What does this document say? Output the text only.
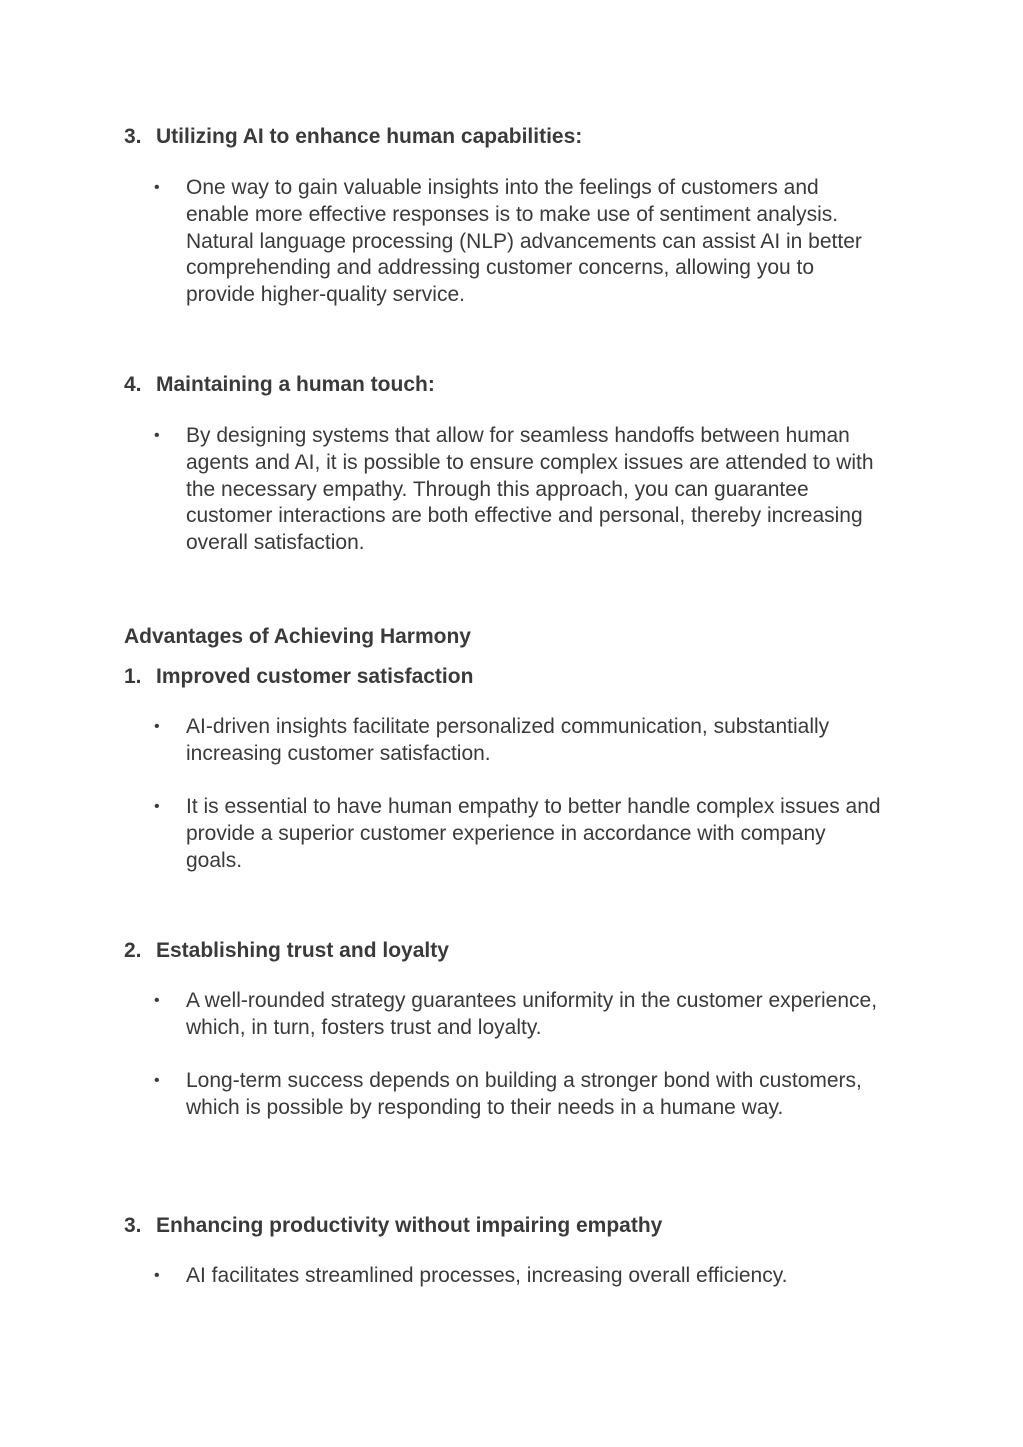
3. Utilizing AI to enhance human capabilities:
• One way to gain valuable insights into the feelings of customers and enable more effective responses is to make use of sentiment analysis. Natural language processing (NLP) advancements can assist AI in better comprehending and addressing customer concerns, allowing you to provide higher-quality service.
4. Maintaining a human touch:
• By designing systems that allow for seamless handoffs between human agents and AI, it is possible to ensure complex issues are attended to with the necessary empathy. Through this approach, you can guarantee customer interactions are both effective and personal, thereby increasing overall satisfaction.
Advantages of Achieving Harmony
1. Improved customer satisfaction
• AI-driven insights facilitate personalized communication, substantially increasing customer satisfaction.
• It is essential to have human empathy to better handle complex issues and provide a superior customer experience in accordance with company goals.
2. Establishing trust and loyalty
• A well-rounded strategy guarantees uniformity in the customer experience, which, in turn, fosters trust and loyalty.
• Long-term success depends on building a stronger bond with customers, which is possible by responding to their needs in a humane way.
3. Enhancing productivity without impairing empathy
• AI facilitates streamlined processes, increasing overall efficiency.
